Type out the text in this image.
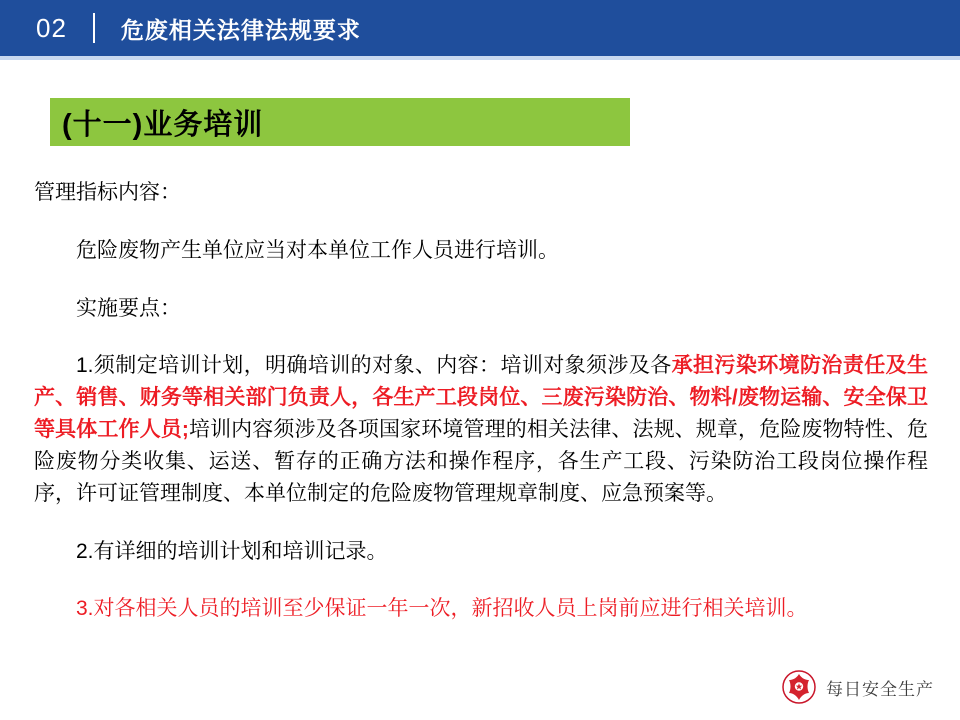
02 危废相关法律法规要求
(十一)业务培训

管理指标内容：

危险废物产生单位应当对本单位工作人员进行培训。

实施要点：

1.须制定培训计划，明确培训的对象、内容：培训对象须涉及各承担污染环境防治责任及生产、销售、财务等相关部门负责人，各生产工段岗位、三废污染防治、物料/废物运输、安全保卫等具体工作人员;培训内容须涉及各项国家环境管理的相关法律、法规、规章，危险废物特性、危险废物分类收集、运送、暂存的正确方法和操作程序，各生产工段、污染防治工段岗位操作程序，许可证管理制度、本单位制定的危险废物管理规章制度、应急预案等。

2.有详细的培训计划和培训记录。

3.对各相关人员的培训至少保证一年一次，新招收人员上岗前应进行相关培训。

每日安全生产
